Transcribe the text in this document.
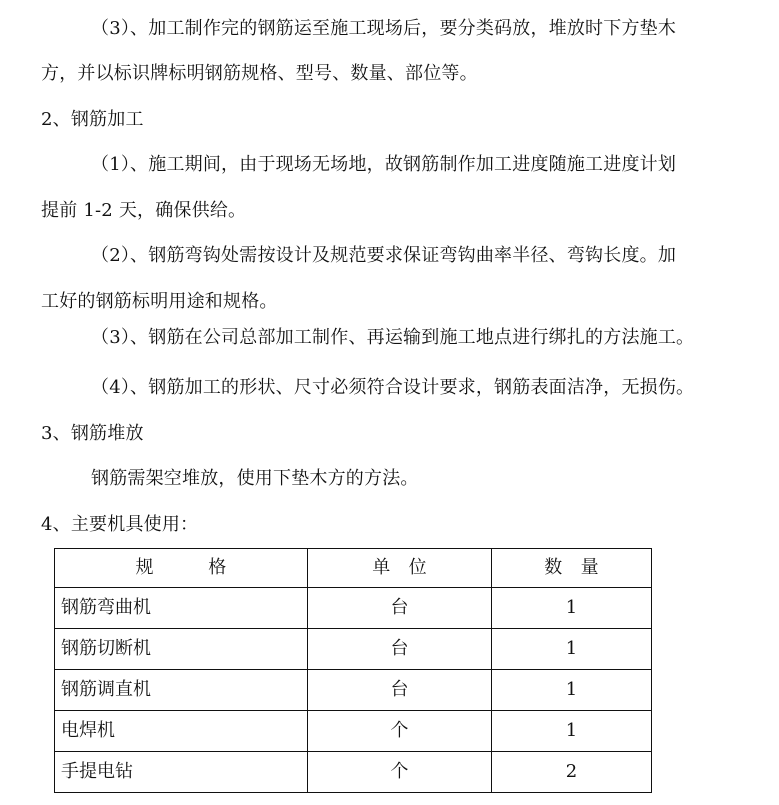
（3）、加工制作完的钢筋运至施工现场后，要分类码放，堆放时下方垫木
方，并以标识牌标明钢筋规格、型号、数量、部位等。
2、钢筋加工
（1）、施工期间，由于现场无场地，故钢筋制作加工进度随施工进度计划
提前 1-2 天，确保供给。
（2）、钢筋弯钩处需按设计及规范要求保证弯钩曲率半径、弯钩长度。加
工好的钢筋标明用途和规格。
（3）、钢筋在公司总部加工制作、再运输到施工地点进行绑扎的方法施工。
（4）、钢筋加工的形状、尺寸必须符合设计要求，钢筋表面洁净，无损伤。
3、钢筋堆放
钢筋需架空堆放，使用下垫木方的方法。
4、主要机具使用：
规　　　格	单　位	数　量
钢筋弯曲机	台	1
钢筋切断机	台	1
钢筋调直机	台	1
电焊机	个	1
手提电钻	个	2
